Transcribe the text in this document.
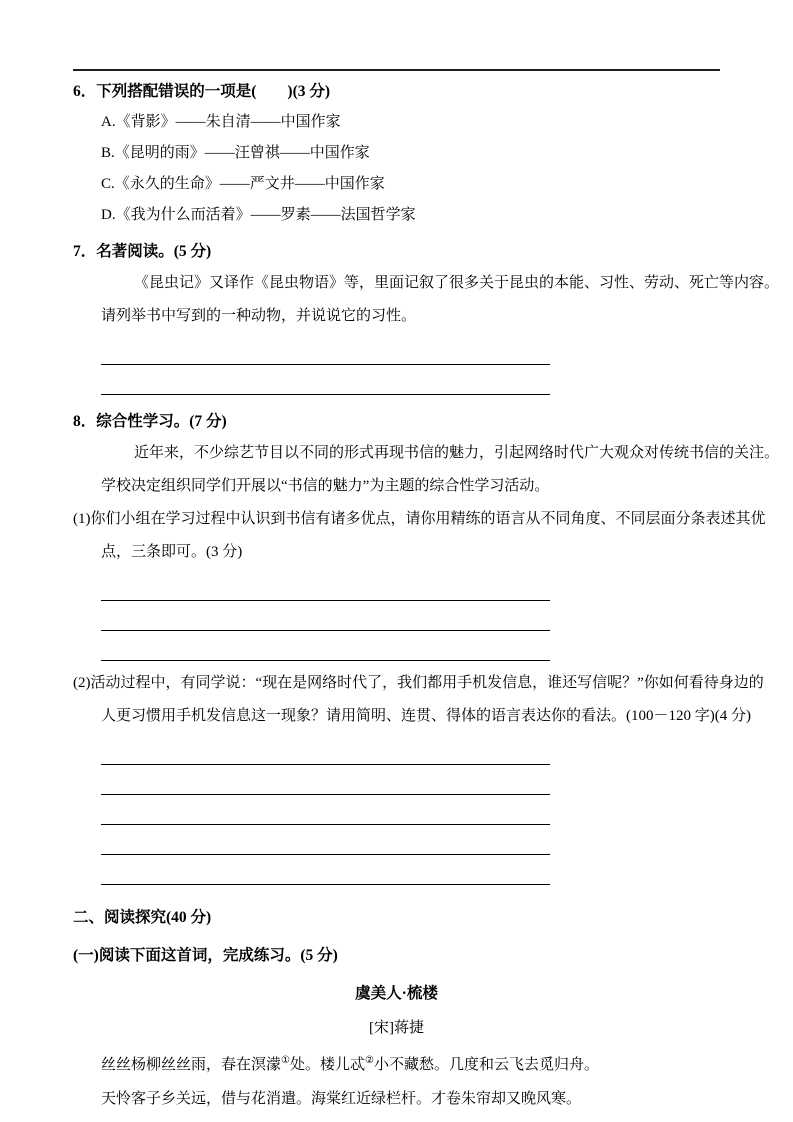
6．下列搭配错误的一项是(　　)(3 分)

A.《背影》——朱自清——中国作家

B.《昆明的雨》——汪曾祺——中国作家

C.《永久的生命》——严文井——中国作家

D.《我为什么而活着》——罗素——法国哲学家

7．名著阅读。(5 分)

《昆虫记》又译作《昆虫物语》等，里面记叙了很多关于昆虫的本能、习性、劳动、死亡等内容。

请列举书中写到的一种动物，并说说它的习性。

8．综合性学习。(7 分)

近年来，不少综艺节目以不同的形式再现书信的魅力，引起网络时代广大观众对传统书信的关注。

学校决定组织同学们开展以“书信的魅力”为主题的综合性学习活动。

(1)你们小组在学习过程中认识到书信有诸多优点，请你用精练的语言从不同角度、不同层面分条表述其优

点，三条即可。(3 分)

(2)活动过程中，有同学说：“现在是网络时代了，我们都用手机发信息，谁还写信呢？”你如何看待身边的

人更习惯用手机发信息这一现象？请用简明、连贯、得体的语言表达你的看法。(100－120 字)(4 分)

二、阅读探究(40 分)

(一)阅读下面这首词，完成练习。(5 分)

虞美人·梳楼

[宋]蒋捷

丝丝杨柳丝丝雨，春在溟濛①处。楼儿忒②小不藏愁。几度和云飞去觅归舟。

天怜客子乡关远，借与花消遣。海棠红近绿栏杆。才卷朱帘却又晚风寒。
